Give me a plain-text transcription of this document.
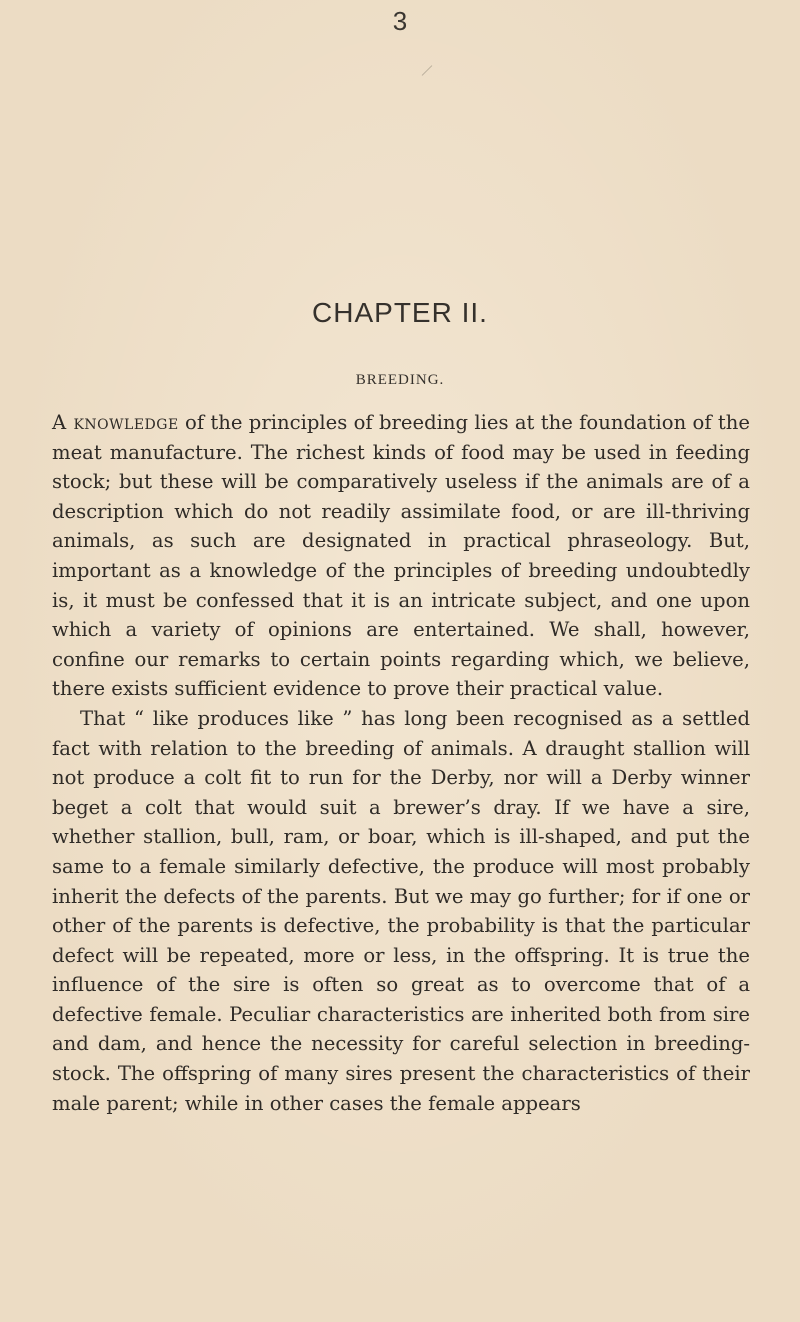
3
CHAPTER II.
BREEDING.

A knowledge of the principles of breeding lies at the foundation of the meat manufacture. The richest kinds of food may be used in feeding stock; but these will be comparatively useless if the animals are of a description which do not readily assimilate food, or are ill-thriving animals, as such are designated in practical phraseology. But, important as a knowledge of the principles of breeding undoubtedly is, it must be confessed that it is an intricate subject, and one upon which a variety of opinions are entertained. We shall, however, confine our remarks to certain points regarding which, we believe, there exists sufficient evidence to prove their practical value.

That “ like produces like ” has long been recognised as a settled fact with relation to the breeding of animals. A draught stallion will not produce a colt fit to run for the Derby, nor will a Derby winner beget a colt that would suit a brewer’s dray. If we have a sire, whether stallion, bull, ram, or boar, which is ill-shaped, and put the same to a female similarly defective, the produce will most probably inherit the defects of the parents. But we may go further; for if one or other of the parents is defective, the probability is that the particular defect will be repeated, more or less, in the offspring. It is true the influence of the sire is often so great as to overcome that of a defective female. Peculiar characteristics are inherited both from sire and dam, and hence the necessity for careful selection in breeding-stock. The offspring of many sires present the characteristics of their male parent; while in other cases the female appears
